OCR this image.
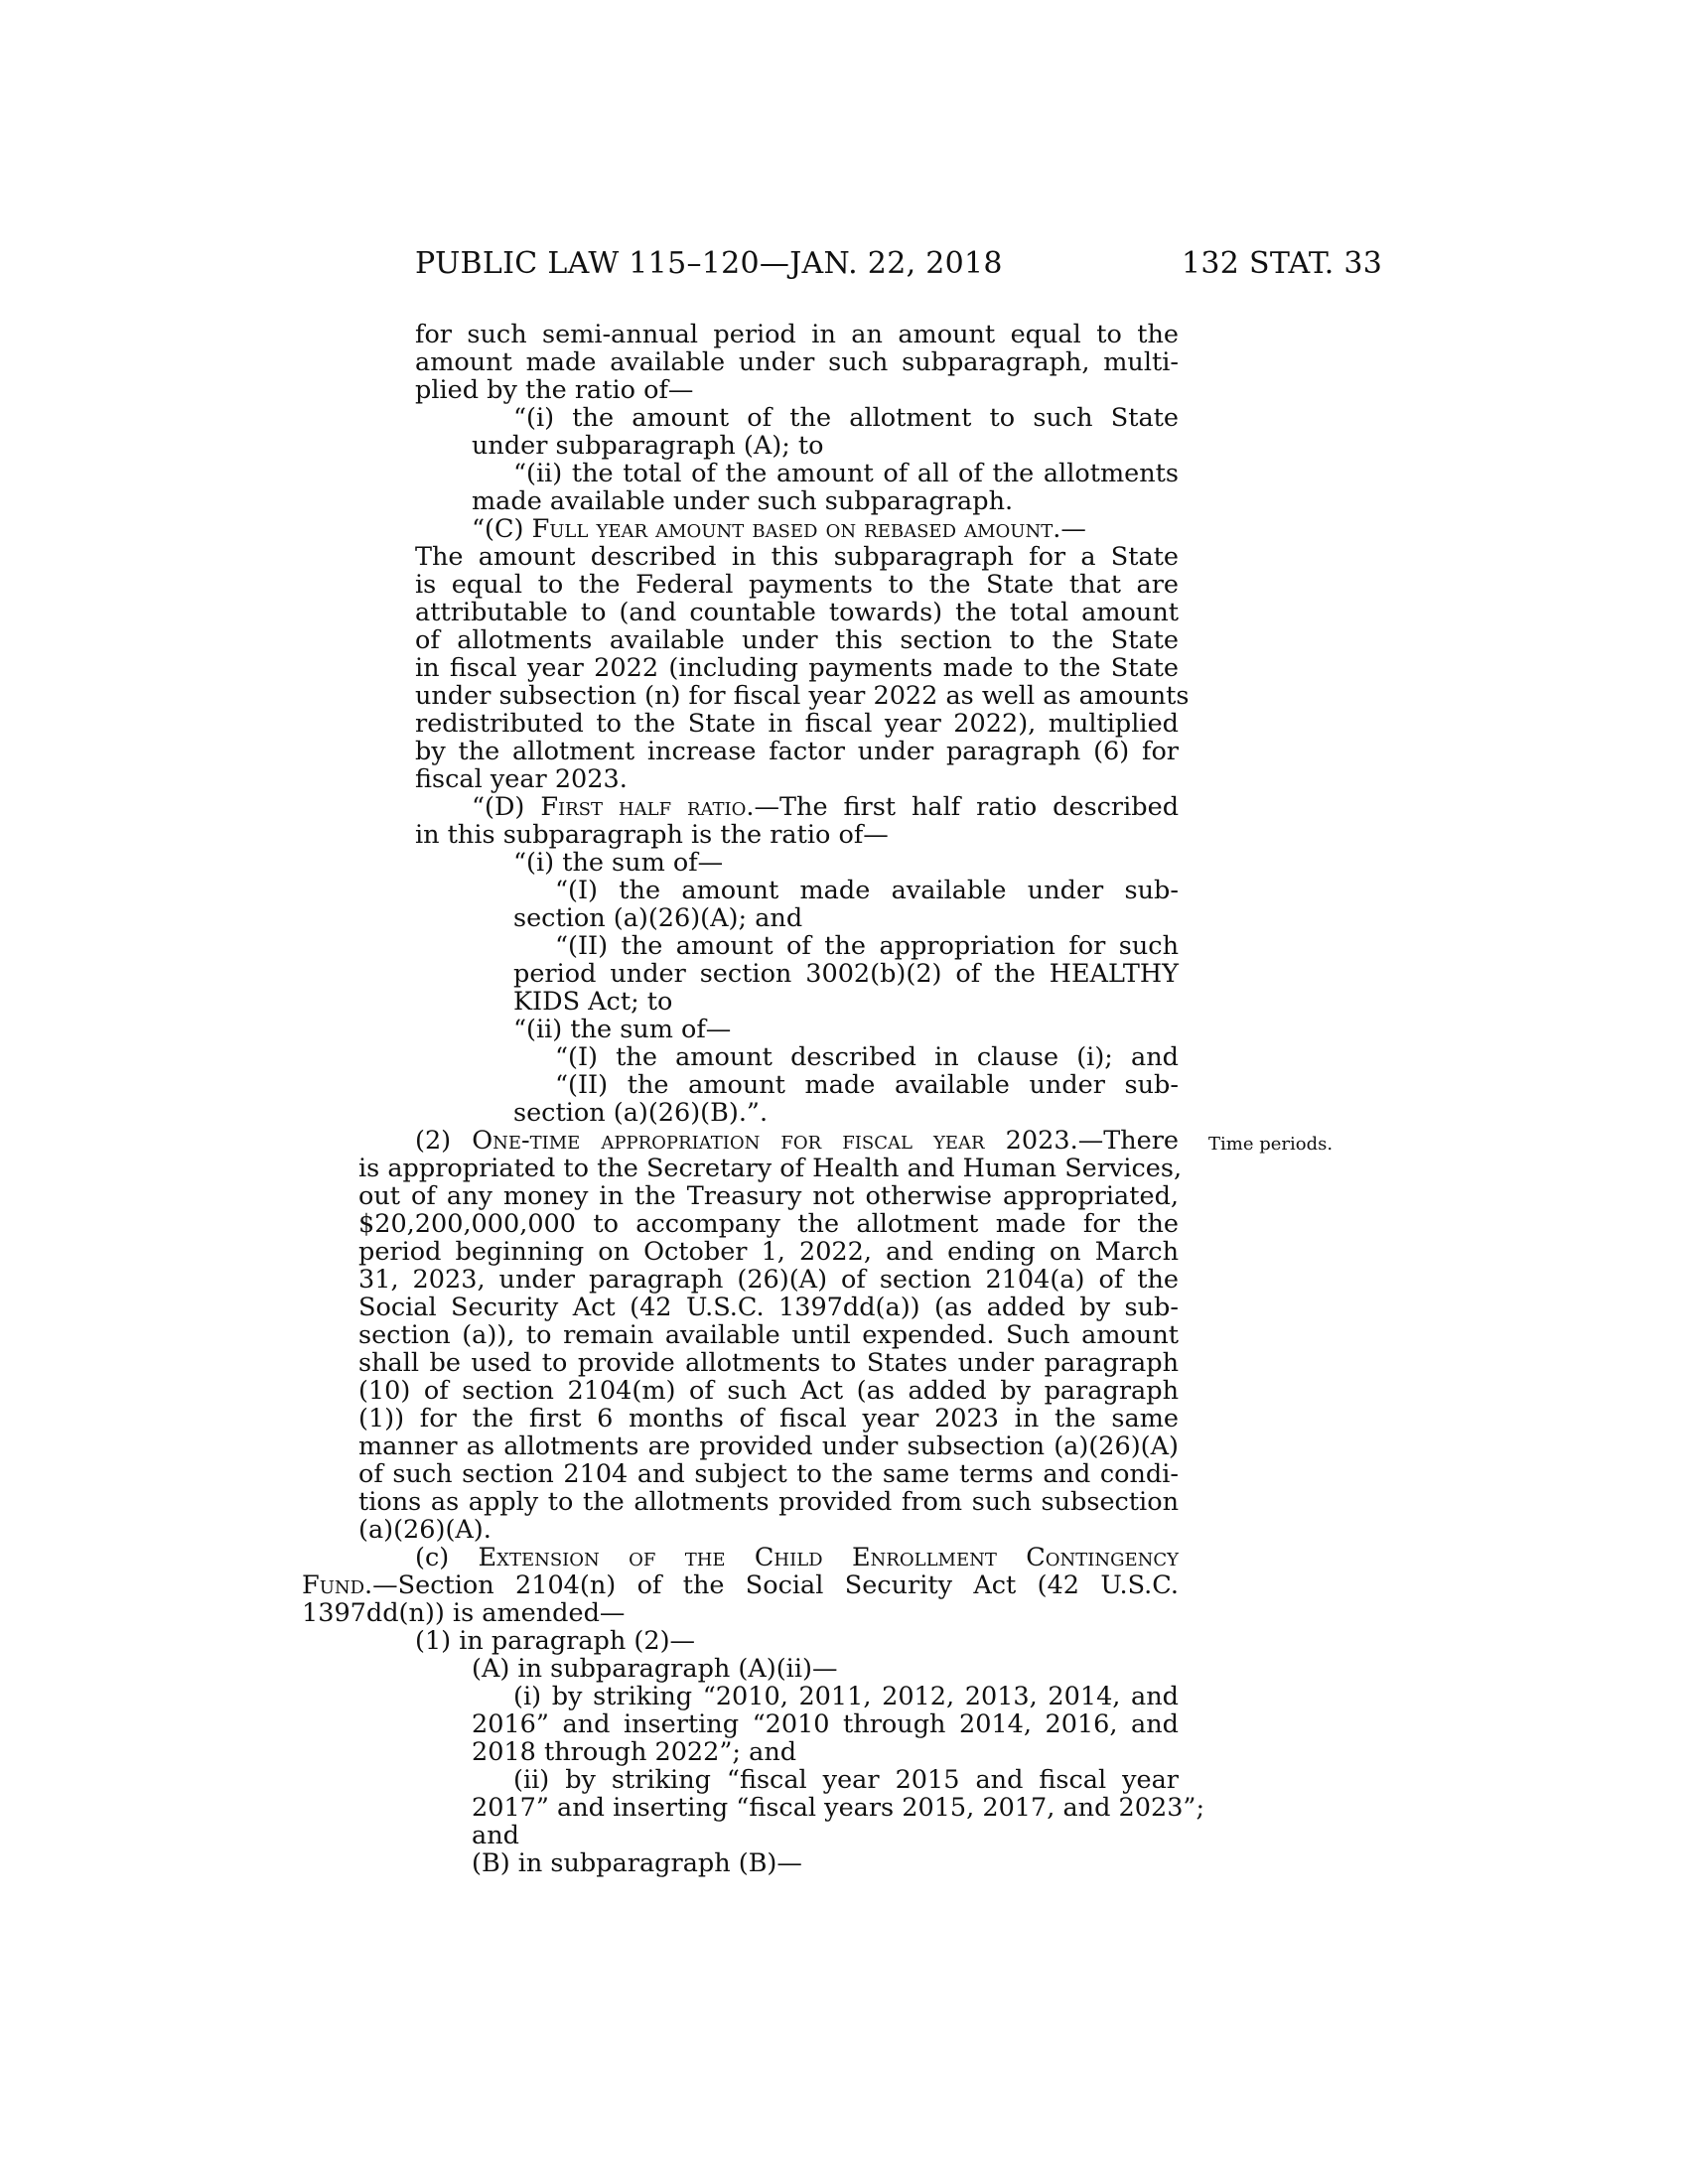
PUBLIC LAW 115–120—JAN. 22, 2018	132 STAT. 33
Time periods.
for such semi-annual period in an amount equal to the
amount made available under such subparagraph, multi-
plied by the ratio of—
“(i) the amount of the allotment to such State
under subparagraph (A); to
“(ii) the total of the amount of all of the allotments
made available under such subparagraph.
“(C) Full year amount based on rebased amount.—
The amount described in this subparagraph for a State
is equal to the Federal payments to the State that are
attributable to (and countable towards) the total amount
of allotments available under this section to the State
in fiscal year 2022 (including payments made to the State
under subsection (n) for fiscal year 2022 as well as amounts
redistributed to the State in fiscal year 2022), multiplied
by the allotment increase factor under paragraph (6) for
fiscal year 2023.
“(D) First half ratio.—The first half ratio described
in this subparagraph is the ratio of—
“(i) the sum of—
“(I) the amount made available under sub-
section (a)(26)(A); and
“(II) the amount of the appropriation for such
period under section 3002(b)(2) of the HEALTHY
KIDS Act; to
“(ii) the sum of—
“(I) the amount described in clause (i); and
“(II) the amount made available under sub-
section (a)(26)(B).”.
(2) One-time appropriation for fiscal year 2023.—There
is appropriated to the Secretary of Health and Human Services,
out of any money in the Treasury not otherwise appropriated,
$20,200,000,000 to accompany the allotment made for the
period beginning on October 1, 2022, and ending on March
31, 2023, under paragraph (26)(A) of section 2104(a) of the
Social Security Act (42 U.S.C. 1397dd(a)) (as added by sub-
section (a)), to remain available until expended. Such amount
shall be used to provide allotments to States under paragraph
(10) of section 2104(m) of such Act (as added by paragraph
(1)) for the first 6 months of fiscal year 2023 in the same
manner as allotments are provided under subsection (a)(26)(A)
of such section 2104 and subject to the same terms and condi-
tions as apply to the allotments provided from such subsection
(a)(26)(A).
(c) Extension of the Child Enrollment Contingency
Fund.—Section 2104(n) of the Social Security Act (42 U.S.C.
1397dd(n)) is amended—
(1) in paragraph (2)—
(A) in subparagraph (A)(ii)—
(i) by striking “2010, 2011, 2012, 2013, 2014, and
2016” and inserting “2010 through 2014, 2016, and
2018 through 2022”; and
(ii) by striking “fiscal year 2015 and fiscal year
2017” and inserting “fiscal years 2015, 2017, and 2023”;
and
(B) in subparagraph (B)—
